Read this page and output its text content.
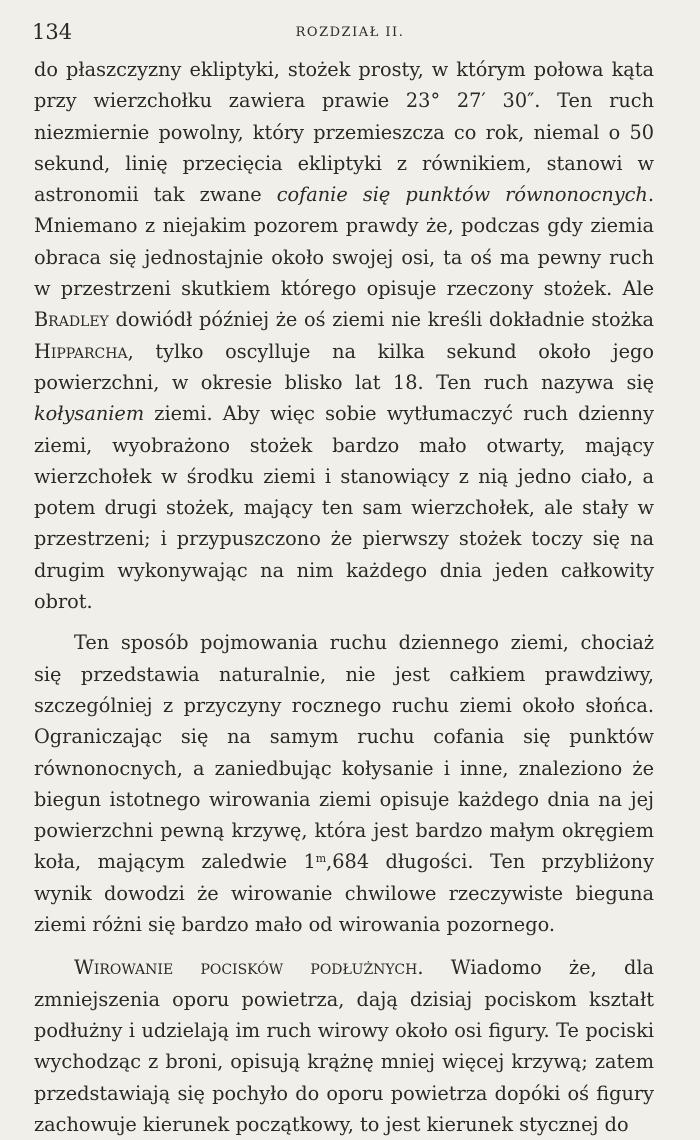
134	ROZDZIAŁ II.

do płaszczyzny ekliptyki, stożek prosty, w którym połowa kąta przy wierzchołku zawiera prawie 23° 27′ 30″. Ten ruch niezmiernie powolny, który przemieszcza co rok, niemal o 50 sekund, linię przecięcia ekliptyki z równikiem, stanowi w astronomii tak zwane cofanie się punktów równonocnych. Mniemano z niejakim pozorem prawdy że, podczas gdy ziemia obraca się jednostajnie około swojej osi, ta oś ma pewny ruch w przestrzeni skutkiem którego opisuje rzeczony stożek. Ale Bradley dowiódł później że oś ziemi nie kreśli dokładnie stożka Hipparcha, tylko oscylluje na kilka sekund około jego powierzchni, w okresie blisko lat 18. Ten ruch nazywa się kołysaniem ziemi. Aby więc sobie wytłumaczyć ruch dzienny ziemi, wyobrażono stożek bardzo mało otwarty, mający wierzchołek w środku ziemi i stanowiący z nią jedno ciało, a potem drugi stożek, mający ten sam wierzchołek, ale stały w przestrzeni; i przypuszczono że pierwszy stożek toczy się na drugim wykonywając na nim każdego dnia jeden całkowity obrot.

Ten sposób pojmowania ruchu dziennego ziemi, chociaż się przedstawia naturalnie, nie jest całkiem prawdziwy, szczególniej z przyczyny rocznego ruchu ziemi około słońca. Ograniczając się na samym ruchu cofania się punktów równonocnych, a zaniedbując kołysanie i inne, znaleziono że biegun istotnego wirowania ziemi opisuje każdego dnia na jej powierzchni pewną krzywę, która jest bardzo małym okręgiem koła, mającym zaledwie 1$^m$,684 długości. Ten przybliżony wynik dowodzi że wirowanie chwilowe rzeczywiste bieguna ziemi różni się bardzo mało od wirowania pozornego.

Wirowanie pocisków podłużnych. Wiadomo że, dla zmniejszenia oporu powietrza, dają dzisiaj pociskom kształt podłużny i udzielają im ruch wirowy około osi figury. Te pociski wychodząc z broni, opisują krążnę mniej więcej krzywą; zatem przedstawiają się pochyło do oporu powietrza dopóki oś figury zachowuje kierunek początkowy, to jest kierunek stycznej do
